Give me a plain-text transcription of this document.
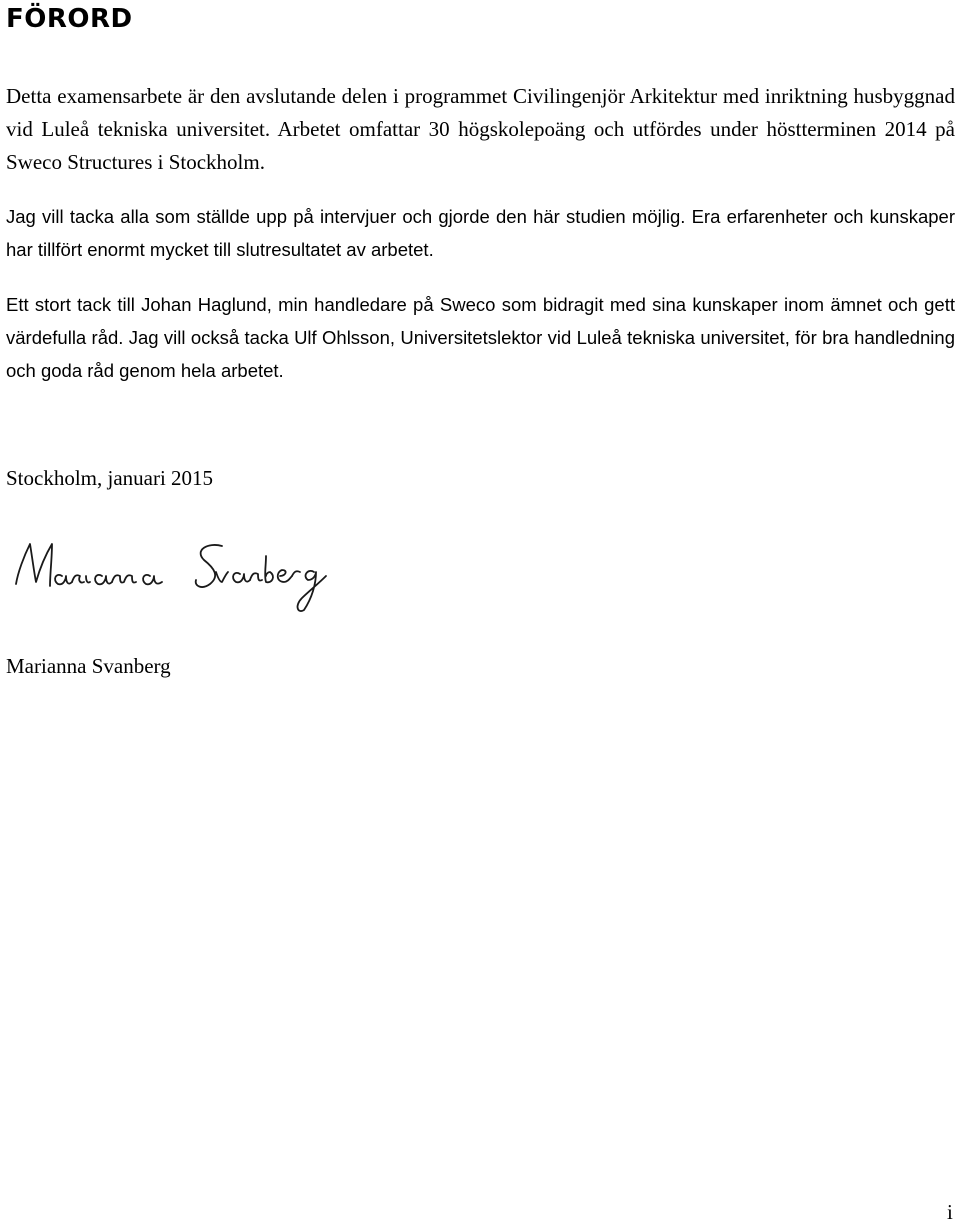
FÖRORD

Detta examensarbete är den avslutande delen i programmet Civilingenjör Arkitektur med inriktning husbyggnad vid Luleå tekniska universitet. Arbetet omfattar 30 högskolepoäng och utfördes under höstterminen 2014 på Sweco Structures i Stockholm.

Jag vill tacka alla som ställde upp på intervjuer och gjorde den här studien möjlig. Era erfarenheter och kunskaper har tillfört enormt mycket till slutresultatet av arbetet.

Ett stort tack till Johan Haglund, min handledare på Sweco som bidragit med sina kunskaper inom ämnet och gett värdefulla råd. Jag vill också tacka Ulf Ohlsson, Universitetslektor vid Luleå tekniska universitet, för bra handledning och goda råd genom hela arbetet.

Stockholm, januari 2015

Marianna Svanberg

Marianna Svanberg

i
